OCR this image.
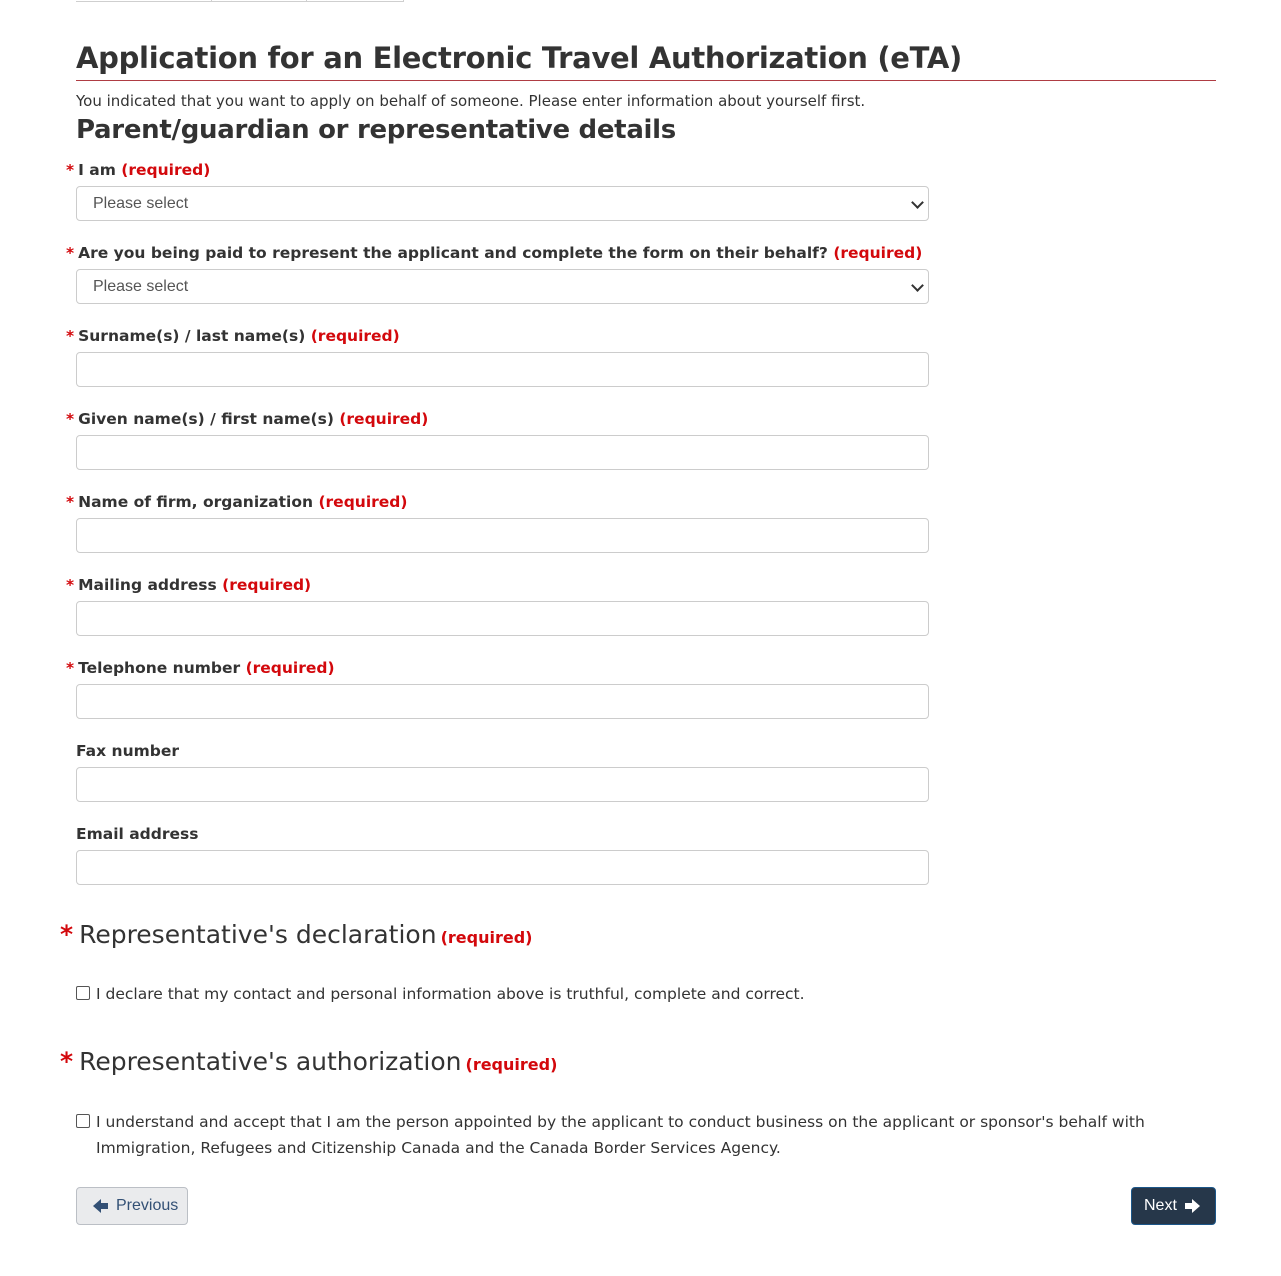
Application for an Electronic Travel Authorization (eTA)
You indicated that you want to apply on behalf of someone. Please enter information about yourself first.
Parent/guardian or representative details
* I am (required)
Please select
* Are you being paid to represent the applicant and complete the form on their behalf? (required)
Please select
* Surname(s) / last name(s) (required)
* Given name(s) / first name(s) (required)
* Name of firm, organization (required)
* Mailing address (required)
* Telephone number (required)
Fax number
Email address
* Representative's declaration (required)
I declare that my contact and personal information above is truthful, complete and correct.
* Representative's authorization (required)
I understand and accept that I am the person appointed by the applicant to conduct business on the applicant or sponsor's behalf with Immigration, Refugees and Citizenship Canada and the Canada Border Services Agency.
Previous	Next
